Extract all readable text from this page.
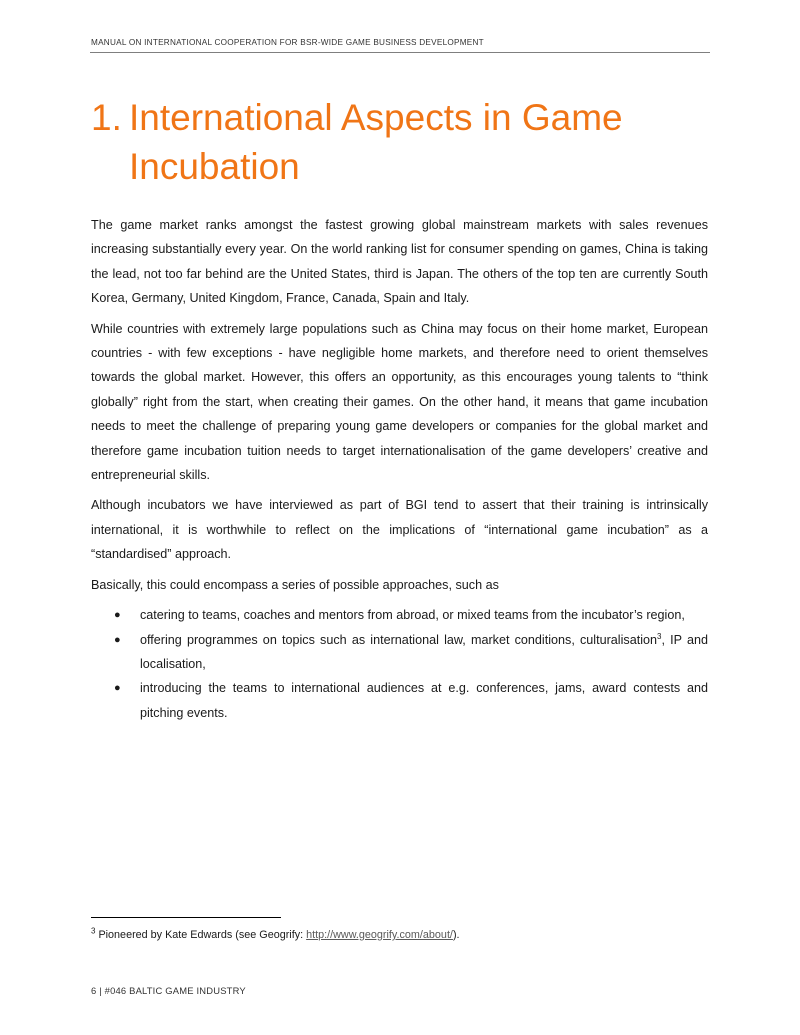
MANUAL ON INTERNATIONAL COOPERATION FOR BSR-WIDE GAME BUSINESS DEVELOPMENT
1. International Aspects in Game
Incubation

The game market ranks amongst the fastest growing global mainstream markets with sales revenues increasing substantially every year. On the world ranking list for consumer spending on games, China is taking the lead, not too far behind are the United States, third is Japan. The others of the top ten are currently South Korea, Germany, United Kingdom, France, Canada, Spain and Italy.

While countries with extremely large populations such as China may focus on their home market, European countries - with few exceptions - have negligible home markets, and therefore need to orient themselves towards the global market. However, this offers an opportunity, as this encourages young talents to “think globally” right from the start, when creating their games. On the other hand, it means that game incubation needs to meet the challenge of preparing young game developers or companies for the global market and therefore game incubation tuition needs to target internationalisation of the game developers’ creative and entrepreneurial skills.

Although incubators we have interviewed as part of BGI tend to assert that their training is intrinsically international, it is worthwhile to reflect on the implications of “international game incubation” as a “standardised” approach.

Basically, this could encompass a series of possible approaches, such as

● catering to teams, coaches and mentors from abroad, or mixed teams from the incubator’s region,
● offering programmes on topics such as international law, market conditions, culturalisation$^3$, IP and localisation,
● introducing the teams to international audiences at e.g. conferences, jams, award contests and pitching events.
$^3$ Pioneered by Kate Edwards (see Geogrify: http://www.geogrify.com/about/).
6 | #046 BALTIC GAME INDUSTRY
